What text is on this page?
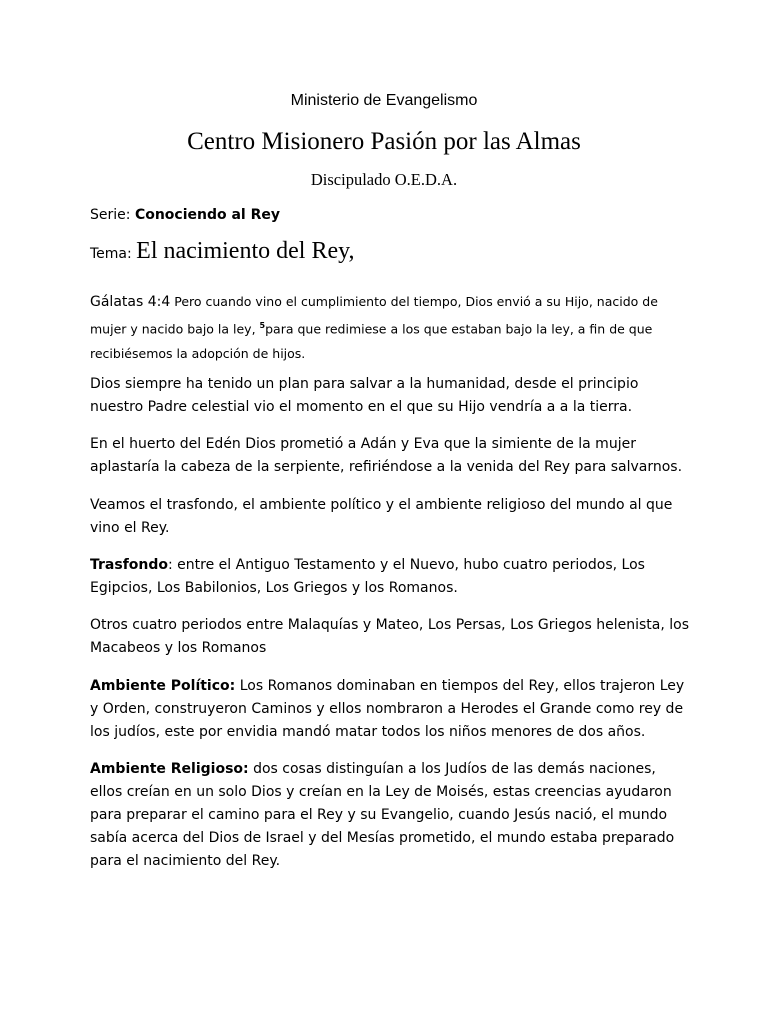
Ministerio de Evangelismo
Centro Misionero Pasión por las Almas
Discipulado O.E.D.A.
Serie: Conociendo al Rey
Tema: El nacimiento del Rey,
Gálatas 4:4 Pero cuando vino el cumplimiento del tiempo, Dios envió a su Hijo, nacido de mujer y nacido bajo la ley, $^5$para que redimiese a los que estaban bajo la ley, a fin de que recibiésemos la adopción de hijos.
Dios siempre ha tenido un plan para salvar a la humanidad, desde el principio nuestro Padre celestial vio el momento en el que su Hijo vendría a a la tierra.
En el huerto del Edén Dios prometió a Adán y Eva que la simiente de la mujer aplastaría la cabeza de la serpiente, refiriéndose a la venida del Rey para salvarnos.
Veamos el trasfondo, el ambiente político y el ambiente religioso del mundo al que vino el Rey.
Trasfondo: entre el Antiguo Testamento y el Nuevo, hubo cuatro periodos, Los Egipcios, Los Babilonios, Los Griegos y los Romanos.
Otros cuatro periodos entre Malaquías y Mateo, Los Persas, Los Griegos helenista, los Macabeos y los Romanos
Ambiente Político: Los Romanos dominaban en tiempos del Rey, ellos trajeron Ley y Orden, construyeron Caminos y ellos nombraron a Herodes el Grande como rey de los judíos, este por envidia mandó matar todos los niños menores de dos años.
Ambiente Religioso: dos cosas distinguían a los Judíos de las demás naciones, ellos creían en un solo Dios y creían en la Ley de Moisés, estas creencias ayudaron para preparar el camino para el Rey y su Evangelio, cuando Jesús nació, el mundo sabía acerca del Dios de Israel y del Mesías prometido, el mundo estaba preparado para el nacimiento del Rey.
